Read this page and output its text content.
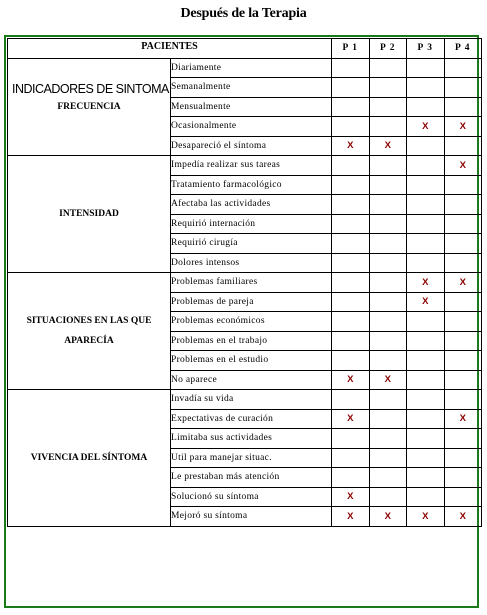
Después de la Terapia
PACIENTES
INDICADORES DE SINTOMA		P 1	P 2	P 3	P 4
FRECUENCIA	Diariamente				
	Semanalmente				
	Mensualmente				
	Ocasionalmente			X	X
	Desapareció el síntoma	X	X		
INTENSIDAD	Impedía realizar sus tareas				X
	Tratamiento farmacológico				
	Afectaba las actividades				
	Requirió internación				
	Requirió cirugía				
	Dolores intensos				
SITUACIONES EN LAS QUE APARECÍA	Problemas familiares			X	X
	Problemas de pareja			X	
	Problemas económicos				
	Problemas en el trabajo				
	Problemas en el estudio				
	No aparece	X	X		
VIVENCIA DEL SÍNTOMA	Invadía su vida				
	Expectativas de curación	X			X
	Limitaba sus actividades				
	Util para manejar situac.				
	Le prestaban más atención				
	Solucionó su síntoma	X			
	Mejoró su síntoma	X	X	X	X
